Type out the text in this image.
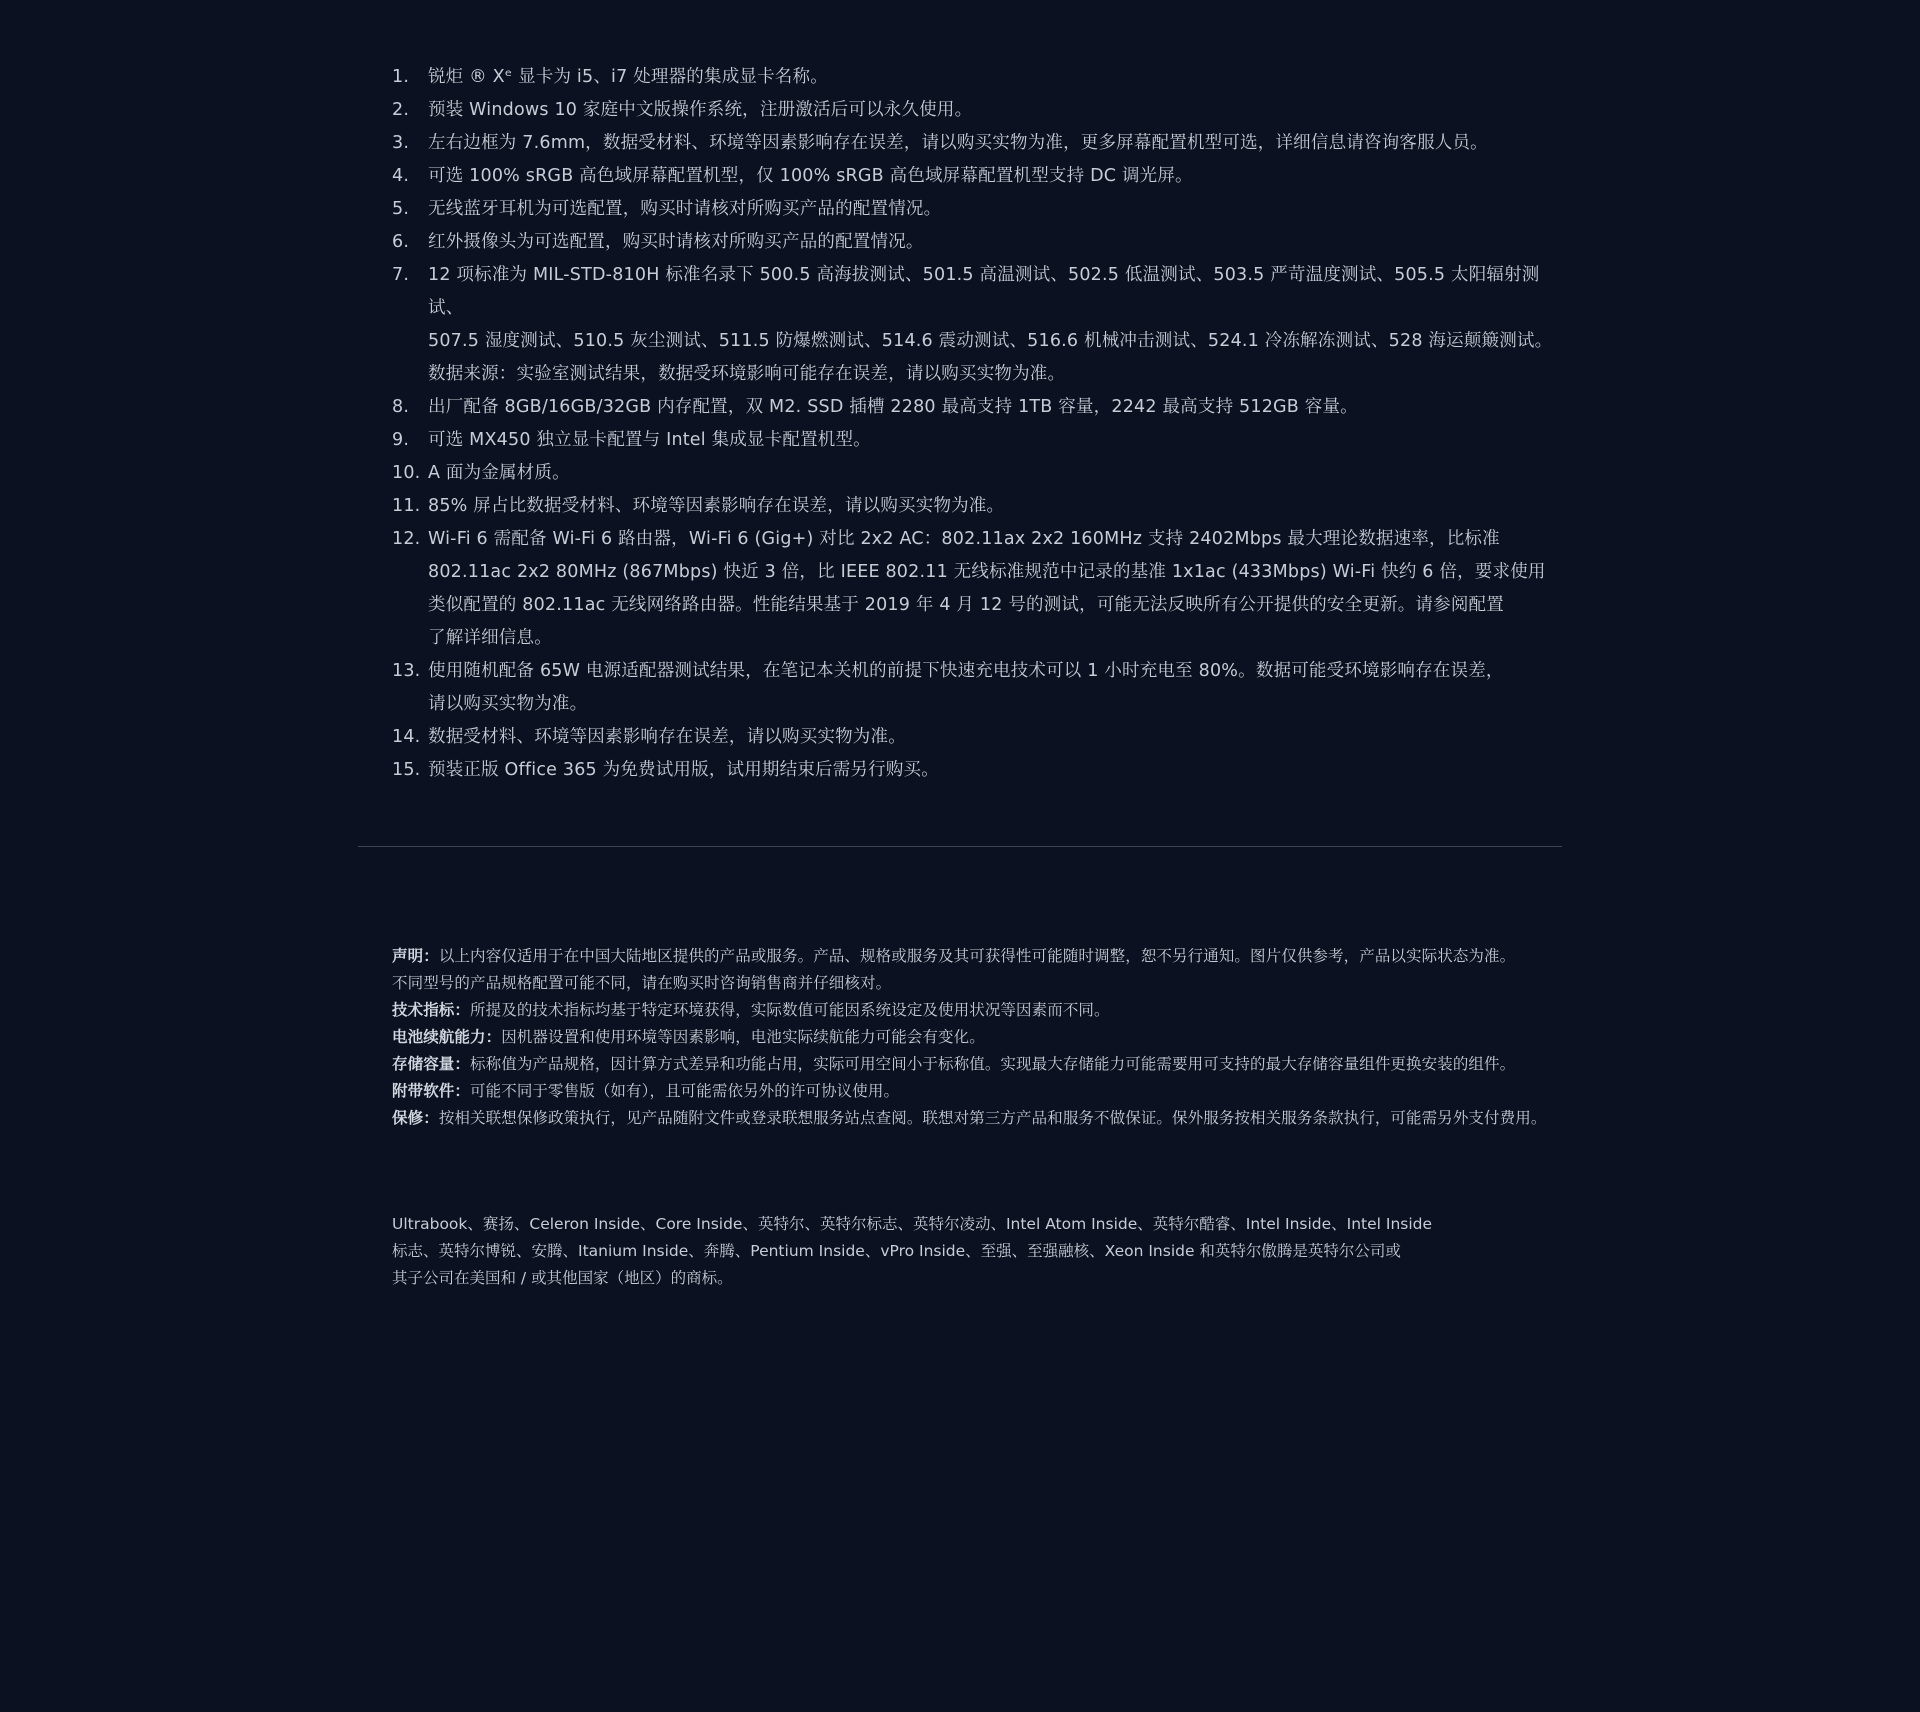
1.	锐炬 ® Xᵉ 显卡为 i5、i7 处理器的集成显卡名称。
2.	预装 Windows 10 家庭中文版操作系统，注册激活后可以永久使用。
3.	左右边框为 7.6mm，数据受材料、环境等因素影响存在误差，请以购买实物为准，更多屏幕配置机型可选，详细信息请咨询客服人员。
4.	可选 100% sRGB 高色域屏幕配置机型，仅 100% sRGB 高色域屏幕配置机型支持 DC 调光屏。
5.	无线蓝牙耳机为可选配置，购买时请核对所购买产品的配置情况。
6.	红外摄像头为可选配置，购买时请核对所购买产品的配置情况。
7.	12 项标准为 MIL-STD-810H 标准名录下 500.5 高海拔测试、501.5 高温测试、502.5 低温测试、503.5 严苛温度测试、505.5 太阳辐射测试、
507.5 湿度测试、510.5 灰尘测试、511.5 防爆燃测试、514.6 震动测试、516.6 机械冲击测试、524.1 冷冻解冻测试、528 海运颠簸测试。
数据来源：实验室测试结果，数据受环境影响可能存在误差，请以购买实物为准。
8.	出厂配备 8GB/16GB/32GB 内存配置，双 M2. SSD 插槽 2280 最高支持 1TB 容量，2242 最高支持 512GB 容量。
9.	可选 MX450 独立显卡配置与 Intel 集成显卡配置机型。
10. A 面为金属材质。
11. 85% 屏占比数据受材料、环境等因素影响存在误差，请以购买实物为准。
12. Wi-Fi 6 需配备 Wi-Fi 6 路由器，Wi-Fi 6 (Gig+) 对比 2x2 AC：802.11ax 2x2 160MHz 支持 2402Mbps 最大理论数据速率，比标准
802.11ac 2x2 80MHz (867Mbps) 快近 3 倍，比 IEEE 802.11 无线标准规范中记录的基准 1x1ac (433Mbps) Wi-Fi 快约 6 倍，要求使用
类似配置的 802.11ac 无线网络路由器。性能结果基于 2019 年 4 月 12 号的测试，可能无法反映所有公开提供的安全更新。请参阅配置
了解详细信息。
13. 使用随机配备 65W 电源适配器测试结果，在笔记本关机的前提下快速充电技术可以 1 小时充电至 80%。数据可能受环境影响存在误差，
请以购买实物为准。
14. 数据受材料、环境等因素影响存在误差，请以购买实物为准。
15. 预装正版 Office 365 为免费试用版，试用期结束后需另行购买。
声明：以上内容仅适用于在中国大陆地区提供的产品或服务。产品、规格或服务及其可获得性可能随时调整，恕不另行通知。图片仅供参考，产品以实际状态为准。
不同型号的产品规格配置可能不同，请在购买时咨询销售商并仔细核对。
技术指标：所提及的技术指标均基于特定环境获得，实际数值可能因系统设定及使用状况等因素而不同。
电池续航能力：因机器设置和使用环境等因素影响，电池实际续航能力可能会有变化。
存储容量：标称值为产品规格，因计算方式差异和功能占用，实际可用空间小于标称值。实现最大存储能力可能需要用可支持的最大存储容量组件更换安装的组件。
附带软件：可能不同于零售版（如有），且可能需依另外的许可协议使用。
保修：按相关联想保修政策执行，见产品随附文件或登录联想服务站点查阅。联想对第三方产品和服务不做保证。保外服务按相关服务条款执行，可能需另外支付费用。
Ultrabook、赛扬、Celeron Inside、Core Inside、英特尔、英特尔标志、英特尔凌动、Intel Atom Inside、英特尔酷睿、Intel Inside、Intel Inside
标志、英特尔博锐、安腾、Itanium Inside、奔腾、Pentium Inside、vPro Inside、至强、至强融核、Xeon Inside 和英特尔傲腾是英特尔公司或
其子公司在美国和 / 或其他国家（地区）的商标。
